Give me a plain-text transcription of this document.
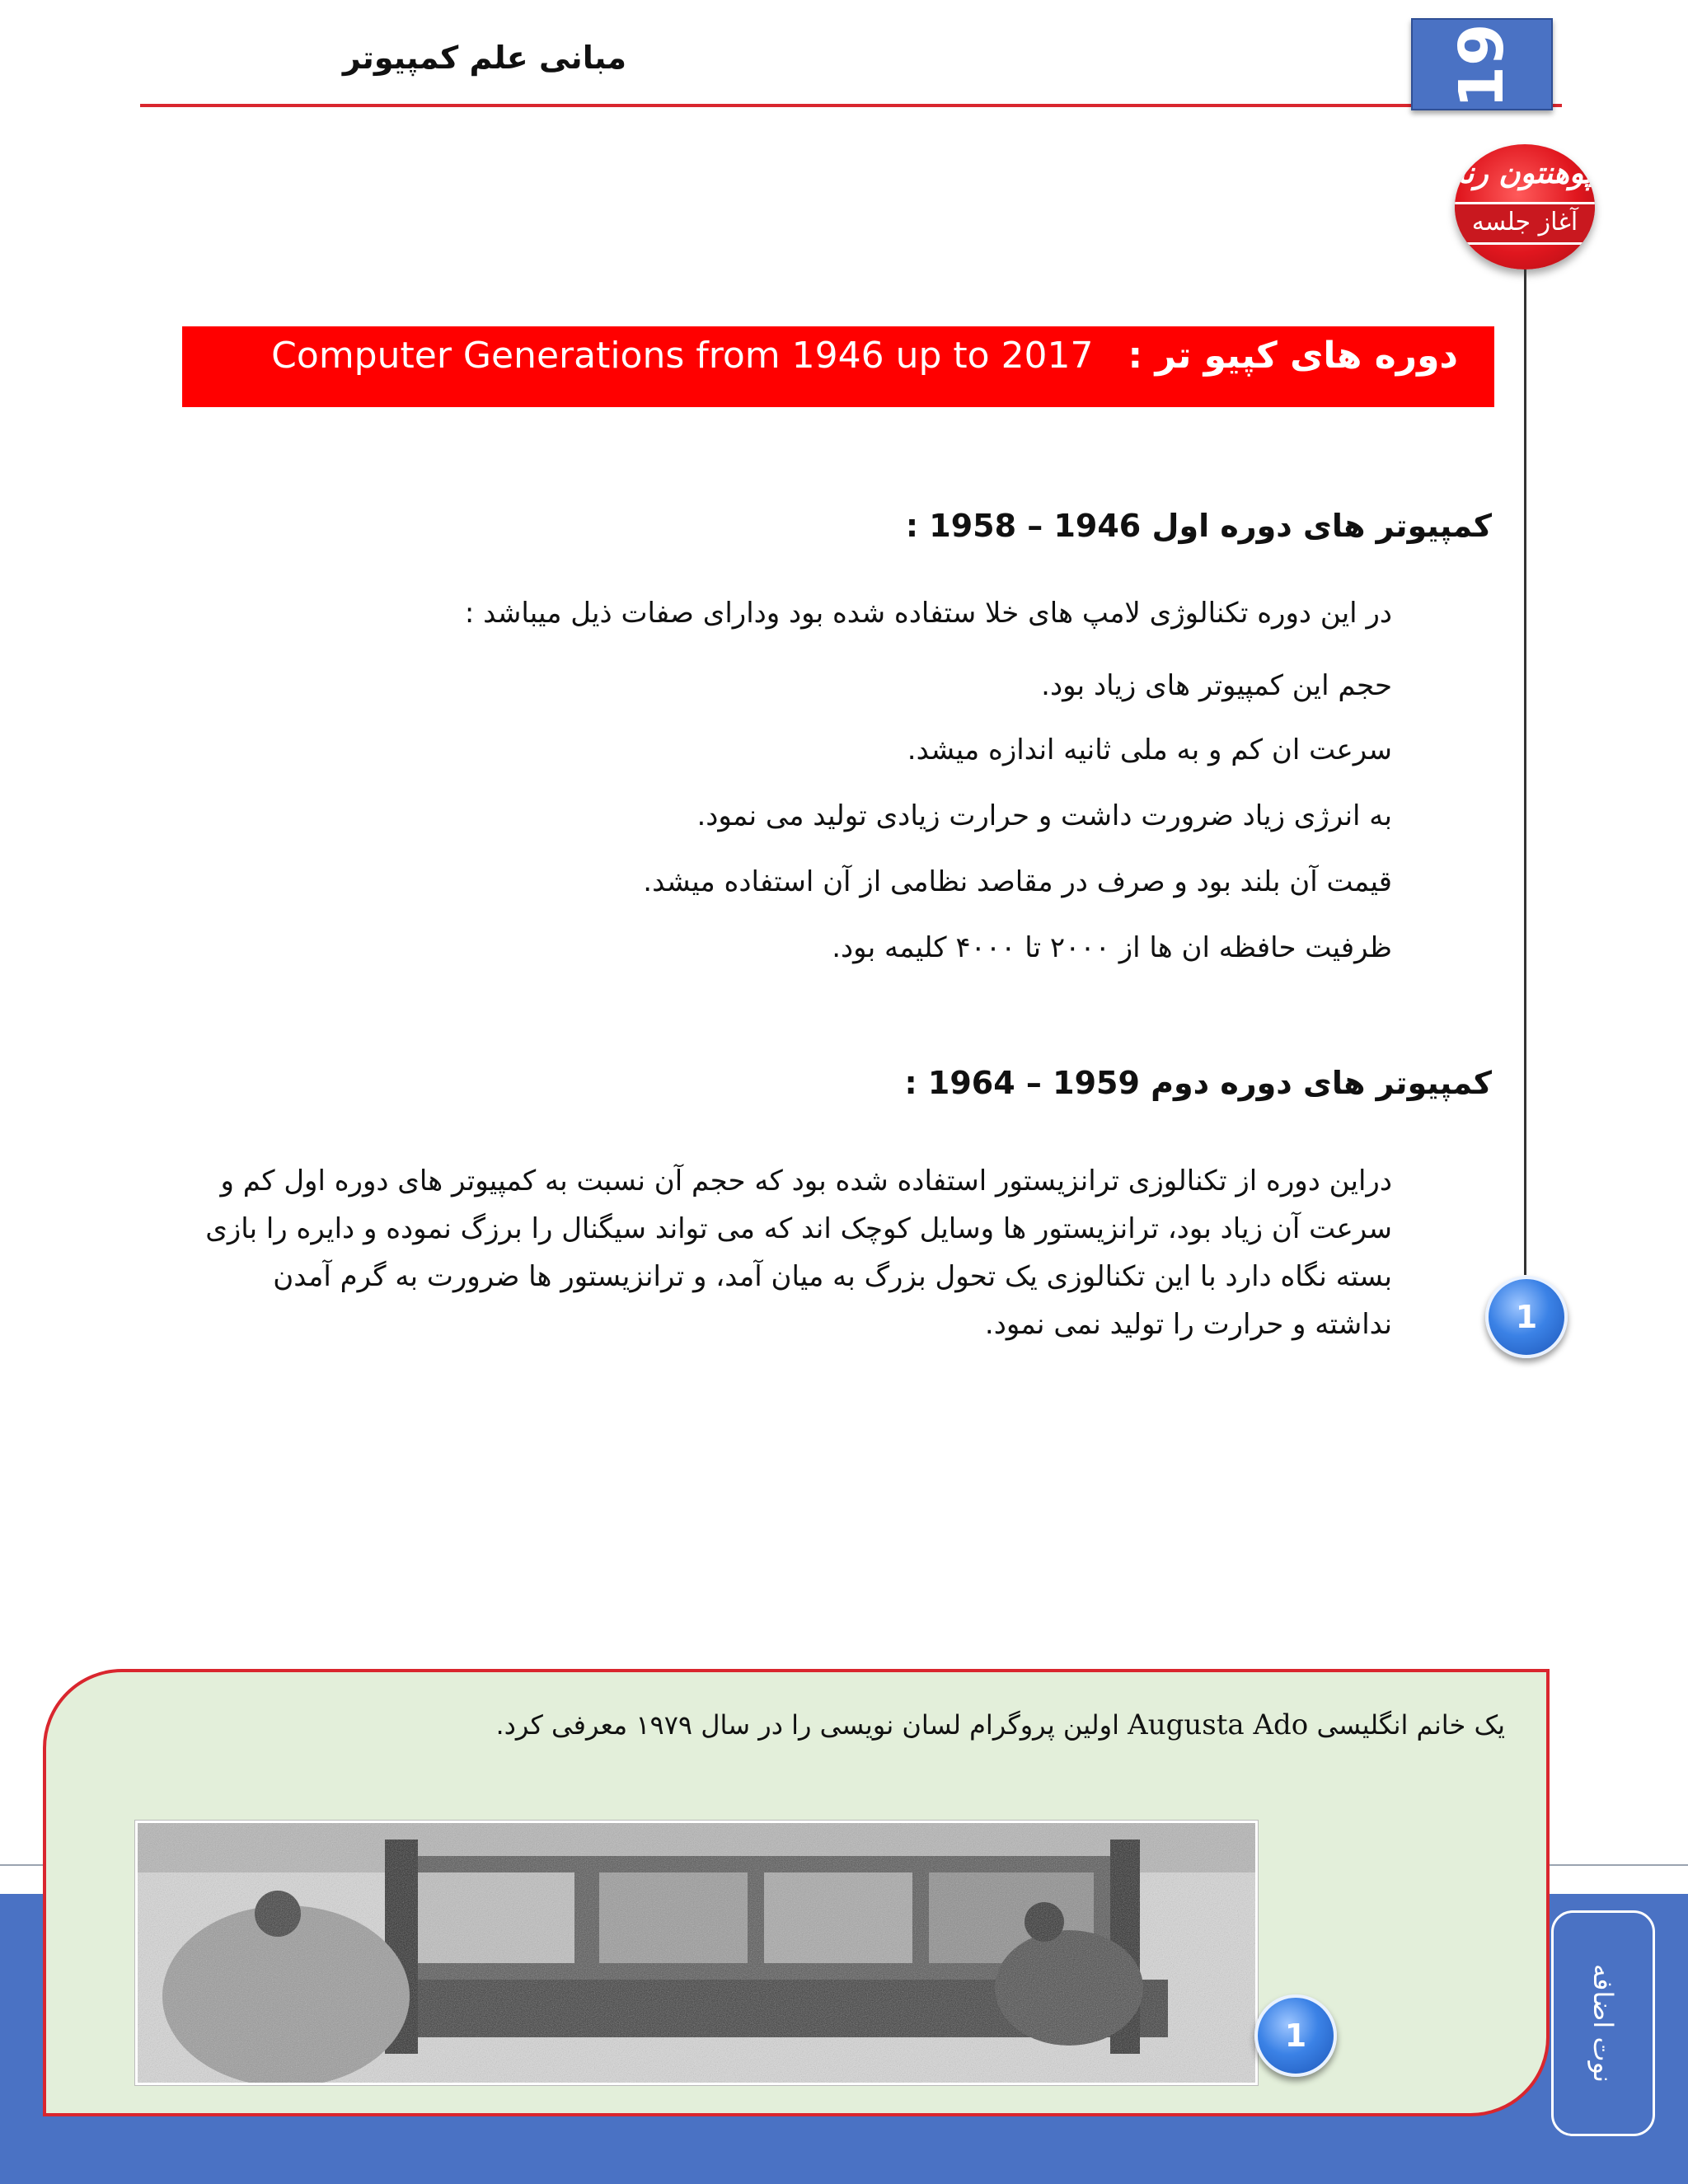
مبانی علم کمپیوتر	19
پوهنتون رنا
آغاز جلسه
1
دوره های کپیو تر :   Computer Generations from 1946 up to 2017
کمپیوتر های دوره اول 1946 – 1958 :
در این دوره تکنالوژی لامپ های خلا ستفاده شده بود ودارای صفات ذیل میباشد :
حجم این کمپیوتر های زیاد بود.
سرعت ان کم و به ملی ثانیه اندازه میشد.
به انرژی زیاد ضرورت داشت و حرارت زیادی تولید می نمود.
قیمت آن بلند بود و صرف در مقاصد نظامی از آن استفاده میشد.
ظرفیت حافظه ان ها از ۲۰۰۰ تا ۴۰۰۰ کلیمه بود.
کمپیوتر های دوره دوم 1959 – 1964 :
دراین دوره از تکنالوزی ترانزیستور استفاده شده بود که حجم آن نسبت به کمپیوتر های دوره اول کم و سرعت آن زیاد بود، ترانزیستور ها وسایل کوچک اند که می تواند سیگنال را برزگ نموده و دایره را بازی بسته نگاه دارد با این تکنالوزی یک تحول بزرگ به میان آمد، و ترانزیستور ها ضرورت به گرم آمدن نداشته و حرارت را تولید نمی نمود.
یک خانم انگلیسی Augusta Ado اولین پروگرام لسان نویسی را در سال ۱۹۷۹ معرفی کرد.
1	نوت اضافه
